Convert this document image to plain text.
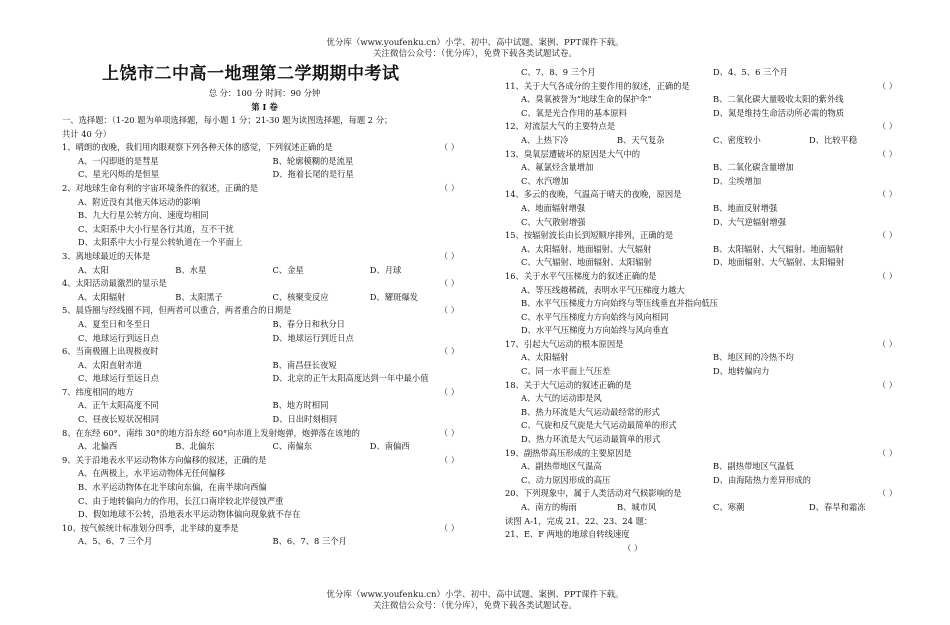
优分库（www.youfenku.cn）小学、初中、高中试题、案例、PPT课件下载。
关注微信公众号：（优分库），免费下载各类试题试卷。
上饶市二中高一地理第二学期期中考试
总 分：100 分 时间：90 分钟
第 Ⅰ 卷
一、选择题：（1-20 题为单项选择题，每小题 1 分；21-30 题为读图选择题，每题 2 分；
共计 40 分）
1、晴朗的夜晚，我们用肉眼观察下列各种天体的感觉，下列叙述正确的是	（ ）
A、一闪即逝的是彗星	B、轮廓模糊的是流星
C、星光闪烁的是恒星	D、拖着长尾的是行星
2、对地球生命有利的宇宙环境条件的叙述，正确的是	（ ）
A、附近没有其他天体运动的影响
B、九大行星公转方向、速度均相同
C、太阳系中大小行星各行其道，互不干扰
D、太阳系中大小行星公转轨道在一个平面上
3、离地球最近的天体是	（ ）
A、太阳	B、水星	C、金星	D、月球
4、太阳活动最激烈的显示是	（ ）
A、太阳辐射	B、太阳黑子	C、核聚变反应	D、耀斑爆发
5、晨昏圈与经线圈不同，但两者可以重合，两者重合的日期是	（ ）
A、夏至日和冬至日	B、春分日和秋分日
C、地球运行到远日点	D、地球运行到近日点
6、当南极圈上出现极夜时	（ ）
A、太阳直射赤道	B、南昌昼长夜短
C、地球运行至远日点	D、北京的正午太阳高度达到一年中最小值
7、纬度相同的地方	（ ）
A、正午太阳高度不同	B、地方时相同
C、昼夜长短状况相同	D、日出时刻相同
8、在东经 60°、南纬 30°的地方沿东经 60°向赤道上发射炮弹，炮弹落在该地的	（ ）
A、北偏西	B、北偏东	C、南偏东	D、南偏西
9、关于沿地表水平运动物体方向偏移的叙述，正确的是	（ ）
A、在两极上，水平运动物体无任何偏移
B、水平运动物体在北半球向东偏，在南半球向西偏
C、由于地转偏向力的作用，长江口南岸较北岸侵蚀严重
D、假如地球不公转，沿地表水平运动物体偏向现象就不存在
10、按气候统计标准划分四季，北半球的夏季是	（ ）
A、5、6、7 三个月	B、6、7、8 三个月
C、7、8、9 三个月	D、4、5、6 三个月
11、关于大气各成分的主要作用的叙述，正确的是	（ ）
A、臭氧被誉为“地球生命的保护伞”	B、二氧化碳大量吸收太阳的紫外线
C、氧是光合作用的基本原料	D、氮是维持生命活动所必需的物质
12、对流层大气的主要特点是	（ ）
A、上热下冷	B、天气复杂	C、密度较小	D、比较平稳
13、臭氧层遭破坏的原因是大气中的	（ ）
A、氟氯烃含量增加	B、二氧化碳含量增加
C、水汽增加	D、尘埃增加
14、多云的夜晚，气温高于晴天的夜晚，原因是	（ ）
A、地面辐射增强	B、地面反射增强
C、大气散射增强	D、大气逆辐射增强
15、按辐射波长由长到短顺序排列，正确的是	（ ）
A、太阳辐射、地面辐射、大气辐射	B、太阳辐射、大气辐射、地面辐射
C、大气辐射、地面辐射、太阳辐射	D、地面辐射、大气辐射、太阳辐射
16、关于水平气压梯度力的叙述正确的是	（ ）
A、等压线越稀疏，表明水平气压梯度力越大
B、水平气压梯度力方向始终与等压线垂直并指向低压
C、水平气压梯度力方向始终与风向相同
D、水平气压梯度力方向始终与风向垂直
17、引起大气运动的根本原因是	（ ）
A、太阳辐射	B、地区间的冷热不均
C、同一水平面上气压差	D、地转偏向力
18、关于大气运动的叙述正确的是	（ ）
A、大气的运动即是风
B、热力环流是大气运动最经常的形式
C、气旋和反气旋是大气运动最简单的形式
D、热力环流是大气运动最简单的形式
19、副热带高压形成的主要原因是	（ ）
A、副热带地区气温高	B、副热带地区气温低
C、动力原因形成的高压	D、由海陆热力差异形成的
20、下列现象中，属于人类活动对气候影响的是	（ ）
A、南方的梅雨	B、城市风	C、寒潮	D、春旱和霜冻
读图 A-1，完成 21、22、23、24 题：
21、E、F 两地的地球自转线速度
（ ）
优分库（www.youfenku.cn）小学、初中、高中试题、案例、PPT课件下载。
关注微信公众号：（优分库），免费下载各类试题试卷。
